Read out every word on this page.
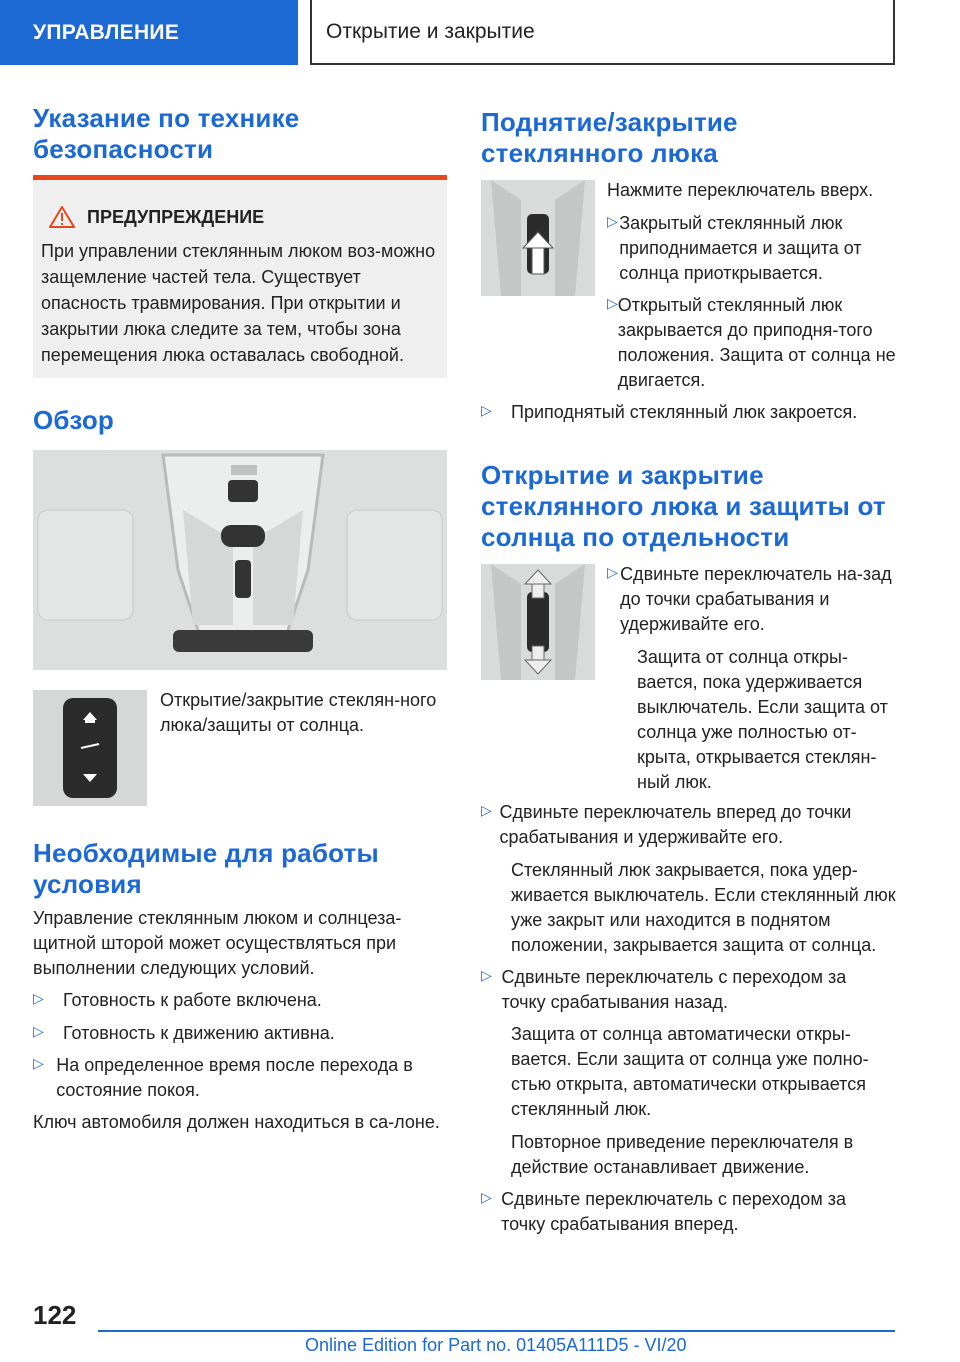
УПРАВЛЕНИЕ	Открытие и закрытие
Указание по технике безопасности
ПРЕДУПРЕЖДЕНИЕ
При управлении стеклянным люком воз-можно защемление частей тела. Существует опасность травмирования. При открытии и закрытии люка следите за тем, чтобы зона перемещения люка оставалась свободной.
Обзор

Открытие/закрытие стеклян-ного люка/защиты от солнца.

Необходимые для работы условия

Управление стеклянным люком и солнцеза-щитной шторой может осуществляться при выполнении следующих условий.

▷	Готовность к работе включена.
▷	Готовность к движению активна.
▷ На определенное время после перехода в состояние покоя.

Ключ автомобиля должен находиться в са-лоне.

Поднятие/закрытие стеклянного люка

Нажмите переключатель вверх.

▷ Закрытый стеклянный люк приподнимается и защита от солнца приоткрывается.
▷ Открытый стеклянный люк закрывается до приподня-того положения. Защита от солнца не двигается.
▷	Приподнятый стеклянный люк закроется.
Открытие и закрытие стеклянного люка и защиты от солнца по отдельности
▷ Сдвиньте переключатель на-зад до точки срабатывания и удерживайте его.

Защита от солнца откры-вается, пока удерживается выключатель. Если защита от солнца уже полностью от-крыта, открывается стеклян-ный люк.

▷ Сдвиньте переключатель вперед до точки срабатывания и удерживайте его.

Стеклянный люк закрывается, пока удер-живается выключатель. Если стеклянный люк уже закрыт или находится в поднятом положении, закрывается защита от солнца.

▷ Сдвиньте переключатель с переходом за точку срабатывания назад.

Защита от солнца автоматически откры-вается. Если защита от солнца уже полно-стью открыта, автоматически открывается стеклянный люк.

Повторное приведение переключателя в действие останавливает движение.

▷ Сдвиньте переключатель с переходом за точку срабатывания вперед.
122
Online Edition for Part no. 01405A111D5 - VI/20
